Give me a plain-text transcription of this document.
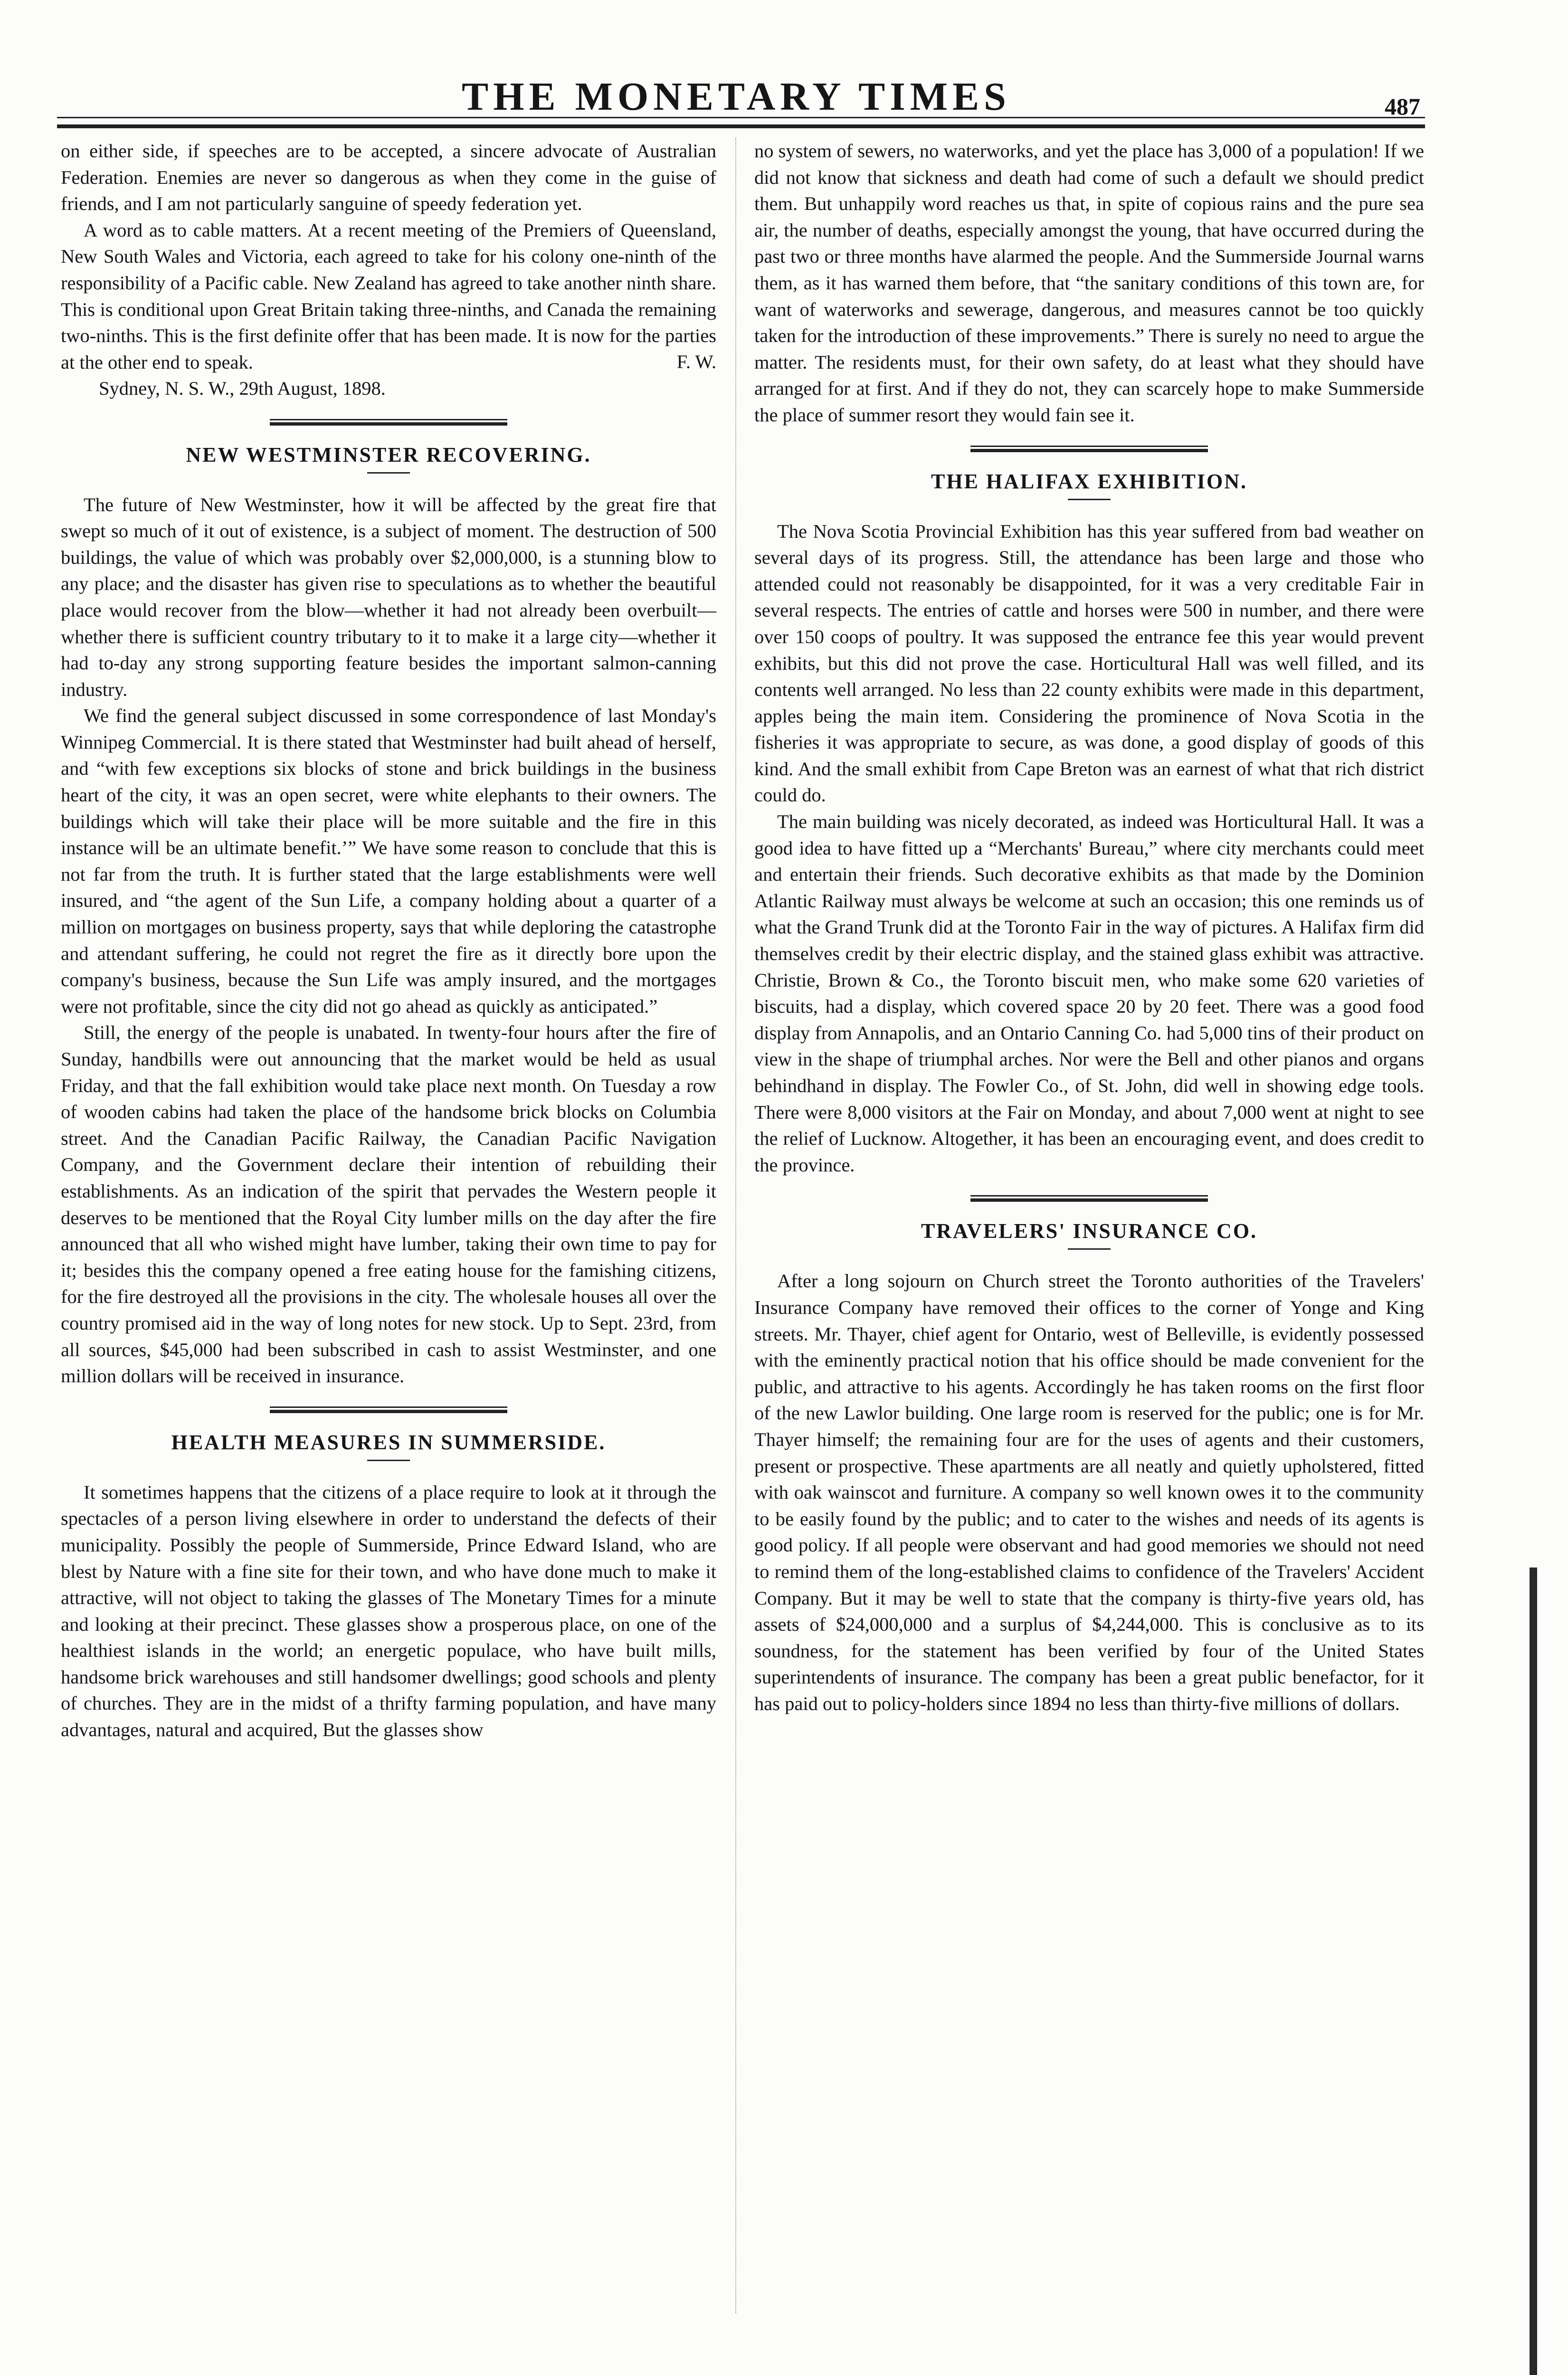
THE MONETARY TIMES	487

on either side, if speeches are to be accepted, a sincere advocate of Australian Federation. Enemies are never so dangerous as when they come in the guise of friends, and I am not particularly sanguine of speedy federation yet.

A word as to cable matters. At a recent meeting of the Premiers of Queensland, New South Wales and Victoria, each agreed to take for his colony one-ninth of the responsibility of a Pacific cable. New Zealand has agreed to take another ninth share. This is conditional upon Great Britain taking three-ninths, and Canada the remaining two-ninths. This is the first definite offer that has been made. It is now for the parties at the other end to speak.	F. W.

Sydney, N. S. W., 29th August, 1898.

NEW WESTMINSTER RECOVERING.

The future of New Westminster, how it will be affected by the great fire that swept so much of it out of existence, is a subject of moment. The destruction of 500 buildings, the value of which was probably over $2,000,000, is a stunning blow to any place; and the disaster has given rise to speculations as to whether the beautiful place would recover from the blow—whether it had not already been overbuilt—whether there is sufficient country tributary to it to make it a large city—whether it had to-day any strong supporting feature besides the important salmon-canning industry.

We find the general subject discussed in some correspondence of last Monday's Winnipeg Commercial. It is there stated that Westminster had built ahead of herself, and “with few exceptions six blocks of stone and brick buildings in the business heart of the city, it was an open secret, were white elephants to their owners. The buildings which will take their place will be more suitable and the fire in this instance will be an ultimate benefit.’” We have some reason to conclude that this is not far from the truth. It is further stated that the large establishments were well insured, and “the agent of the Sun Life, a company holding about a quarter of a million on mortgages on business property, says that while deploring the catastrophe and attendant suffering, he could not regret the fire as it directly bore upon the company's business, because the Sun Life was amply insured, and the mortgages were not profitable, since the city did not go ahead as quickly as anticipated.”

Still, the energy of the people is unabated. In twenty-four hours after the fire of Sunday, handbills were out announcing that the market would be held as usual Friday, and that the fall exhibition would take place next month. On Tuesday a row of wooden cabins had taken the place of the handsome brick blocks on Columbia street. And the Canadian Pacific Railway, the Canadian Pacific Navigation Company, and the Government declare their intention of rebuilding their establishments. As an indication of the spirit that pervades the Western people it deserves to be mentioned that the Royal City lumber mills on the day after the fire announced that all who wished might have lumber, taking their own time to pay for it; besides this the company opened a free eating house for the famishing citizens, for the fire destroyed all the provisions in the city. The wholesale houses all over the country promised aid in the way of long notes for new stock. Up to Sept. 23rd, from all sources, $45,000 had been subscribed in cash to assist Westminster, and one million dollars will be received in insurance.

HEALTH MEASURES IN SUMMERSIDE.

It sometimes happens that the citizens of a place require to look at it through the spectacles of a person living elsewhere in order to understand the defects of their municipality. Possibly the people of Summerside, Prince Edward Island, who are blest by Nature with a fine site for their town, and who have done much to make it attractive, will not object to taking the glasses of The Monetary Times for a minute and looking at their precinct. These glasses show a prosperous place, on one of the healthiest islands in the world; an energetic populace, who have built mills, handsome brick warehouses and still handsomer dwellings; good schools and plenty of churches. They are in the midst of a thrifty farming population, and have many advantages, natural and acquired, But the glasses show

no system of sewers, no waterworks, and yet the place has 3,000 of a population! If we did not know that sickness and death had come of such a default we should predict them. But unhappily word reaches us that, in spite of copious rains and the pure sea air, the number of deaths, especially amongst the young, that have occurred during the past two or three months have alarmed the people. And the Summerside Journal warns them, as it has warned them before, that “the sanitary conditions of this town are, for want of waterworks and sewerage, dangerous, and measures cannot be too quickly taken for the introduction of these improvements.” There is surely no need to argue the matter. The residents must, for their own safety, do at least what they should have arranged for at first. And if they do not, they can scarcely hope to make Summerside the place of summer resort they would fain see it.

THE HALIFAX EXHIBITION.

The Nova Scotia Provincial Exhibition has this year suffered from bad weather on several days of its progress. Still, the attendance has been large and those who attended could not reasonably be disappointed, for it was a very creditable Fair in several respects. The entries of cattle and horses were 500 in number, and there were over 150 coops of poultry. It was supposed the entrance fee this year would prevent exhibits, but this did not prove the case. Horticultural Hall was well filled, and its contents well arranged. No less than 22 county exhibits were made in this department, apples being the main item. Considering the prominence of Nova Scotia in the fisheries it was appropriate to secure, as was done, a good display of goods of this kind. And the small exhibit from Cape Breton was an earnest of what that rich district could do.

The main building was nicely decorated, as indeed was Horticultural Hall. It was a good idea to have fitted up a “Merchants' Bureau,” where city merchants could meet and entertain their friends. Such decorative exhibits as that made by the Dominion Atlantic Railway must always be welcome at such an occasion; this one reminds us of what the Grand Trunk did at the Toronto Fair in the way of pictures. A Halifax firm did themselves credit by their electric display, and the stained glass exhibit was attractive. Christie, Brown & Co., the Toronto biscuit men, who make some 620 varieties of biscuits, had a display, which covered space 20 by 20 feet. There was a good food display from Annapolis, and an Ontario Canning Co. had 5,000 tins of their product on view in the shape of triumphal arches. Nor were the Bell and other pianos and organs behindhand in display. The Fowler Co., of St. John, did well in showing edge tools. There were 8,000 visitors at the Fair on Monday, and about 7,000 went at night to see the relief of Lucknow. Altogether, it has been an encouraging event, and does credit to the province.

TRAVELERS' INSURANCE CO.

After a long sojourn on Church street the Toronto authorities of the Travelers' Insurance Company have removed their offices to the corner of Yonge and King streets. Mr. Thayer, chief agent for Ontario, west of Belleville, is evidently possessed with the eminently practical notion that his office should be made convenient for the public, and attractive to his agents. Accordingly he has taken rooms on the first floor of the new Lawlor building. One large room is reserved for the public; one is for Mr. Thayer himself; the remaining four are for the uses of agents and their customers, present or prospective. These apartments are all neatly and quietly upholstered, fitted with oak wainscot and furniture. A company so well known owes it to the community to be easily found by the public; and to cater to the wishes and needs of its agents is good policy. If all people were observant and had good memories we should not need to remind them of the long-established claims to confidence of the Travelers' Accident Company. But it may be well to state that the company is thirty-five years old, has assets of $24,000,000 and a surplus of $4,244,000. This is conclusive as to its soundness, for the statement has been verified by four of the United States superintendents of insurance. The company has been a great public benefactor, for it has paid out to policy-holders since 1894 no less than thirty-five millions of dollars.
